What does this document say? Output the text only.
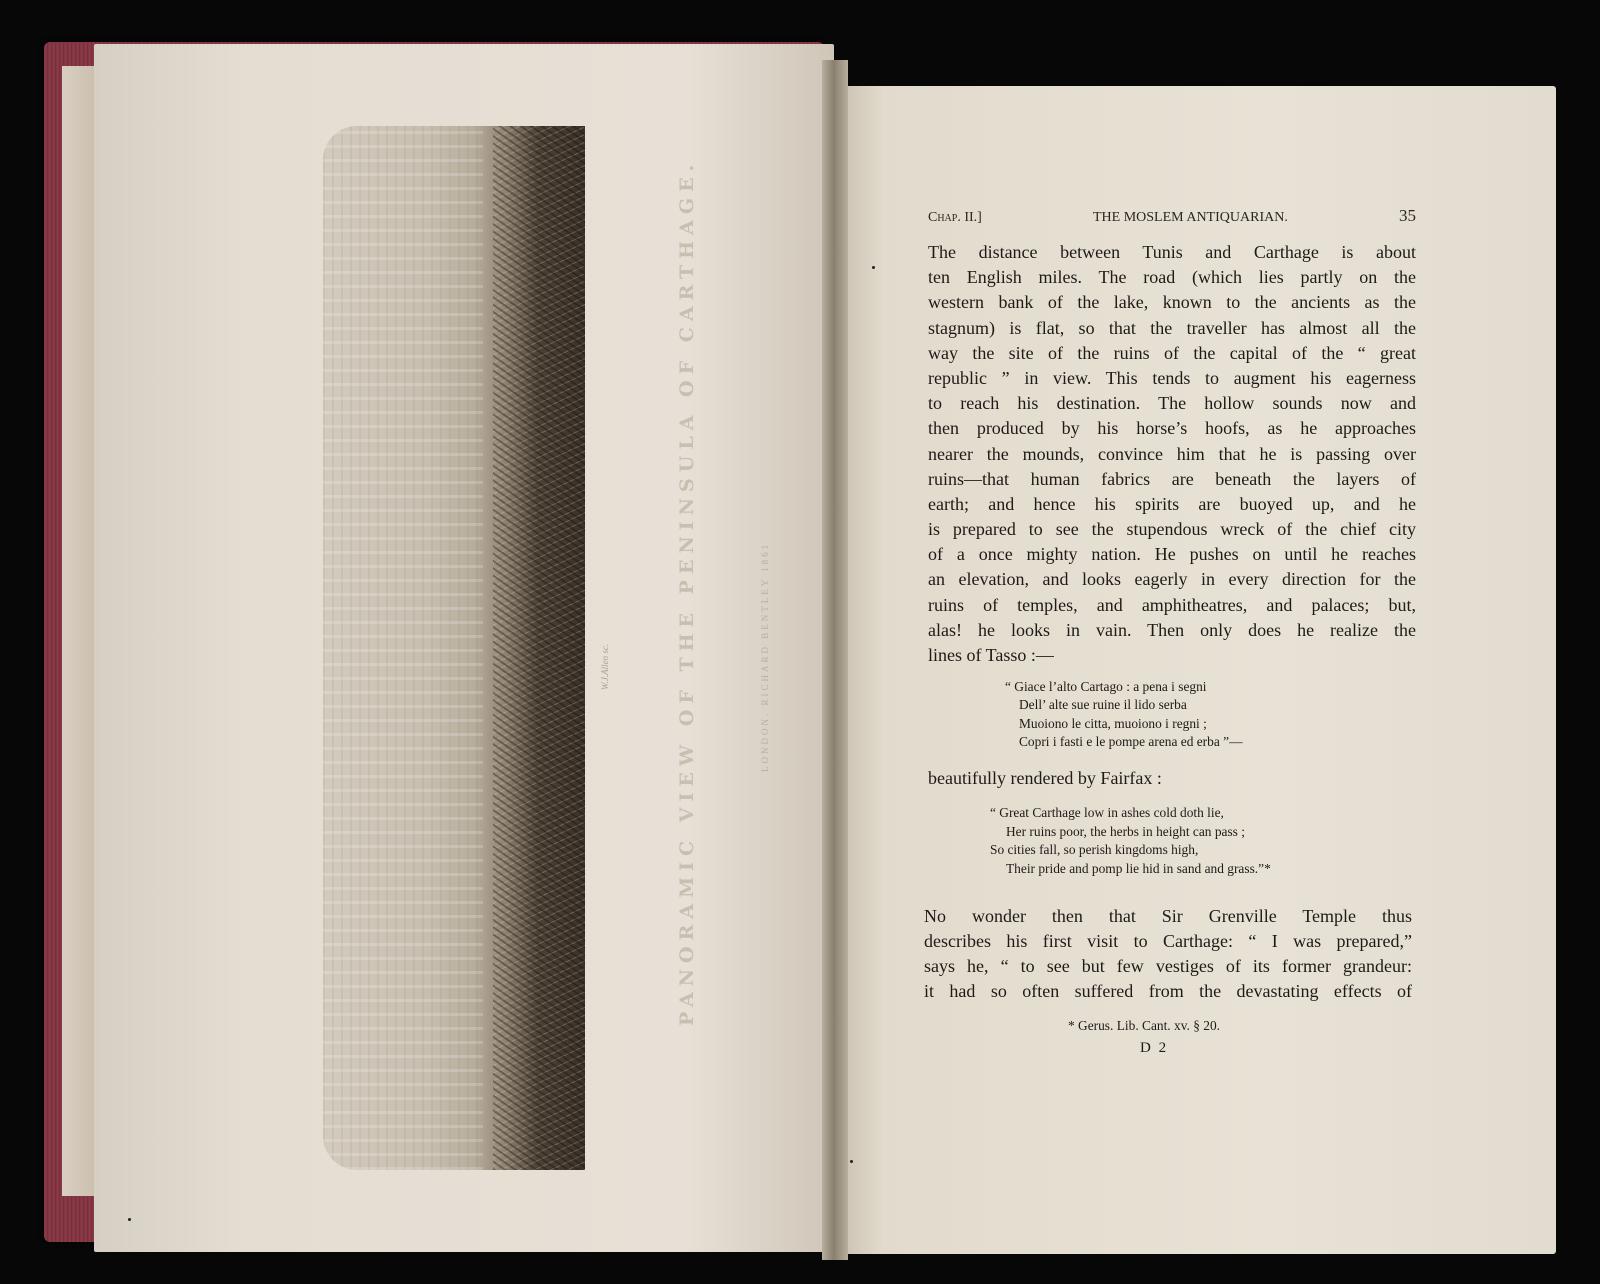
PANORAMIC VIEW OF THE PENINSULA OF CARTHAGE.	LONDON. RICHARD BENTLEY 1861
W.J.Allen sc.
Chap. II.]	THE MOSLEM ANTIQUARIAN.	35
The distance between Tunis and Carthage is about
ten English miles. The road (which lies partly on the
western bank of the lake, known to the ancients as the
stagnum) is flat, so that the traveller has almost all the
way the site of the ruins of the capital of the “ great
republic ” in view. This tends to augment his eagerness
to reach his destination. The hollow sounds now and
then produced by his horse’s hoofs, as he approaches
nearer the mounds, convince him that he is passing over
ruins—that human fabrics are beneath the layers of
earth; and hence his spirits are buoyed up, and he
is prepared to see the stupendous wreck of the chief city
of a once mighty nation. He pushes on until he reaches
an elevation, and looks eagerly in every direction for the
ruins of temples, and amphitheatres, and palaces; but,
alas! he looks in vain. Then only does he realize the
lines of Tasso :—
“ Giace l’alto Cartago : a pena i segni
Dell’ alte sue ruine il lido serba
Muoiono le citta, muoiono i regni ;
Copri i fasti e le pompe arena ed erba ”—
beautifully rendered by Fairfax :
“ Great Carthage low in ashes cold doth lie,
Her ruins poor, the herbs in height can pass ;
So cities fall, so perish kingdoms high,
Their pride and pomp lie hid in sand and grass.”*
No wonder then that Sir Grenville Temple thus
describes his first visit to Carthage: “ I was prepared,”
says he, “ to see but few vestiges of its former grandeur:
it had so often suffered from the devastating effects of
* Gerus. Lib. Cant. xv. § 20.
D 2
